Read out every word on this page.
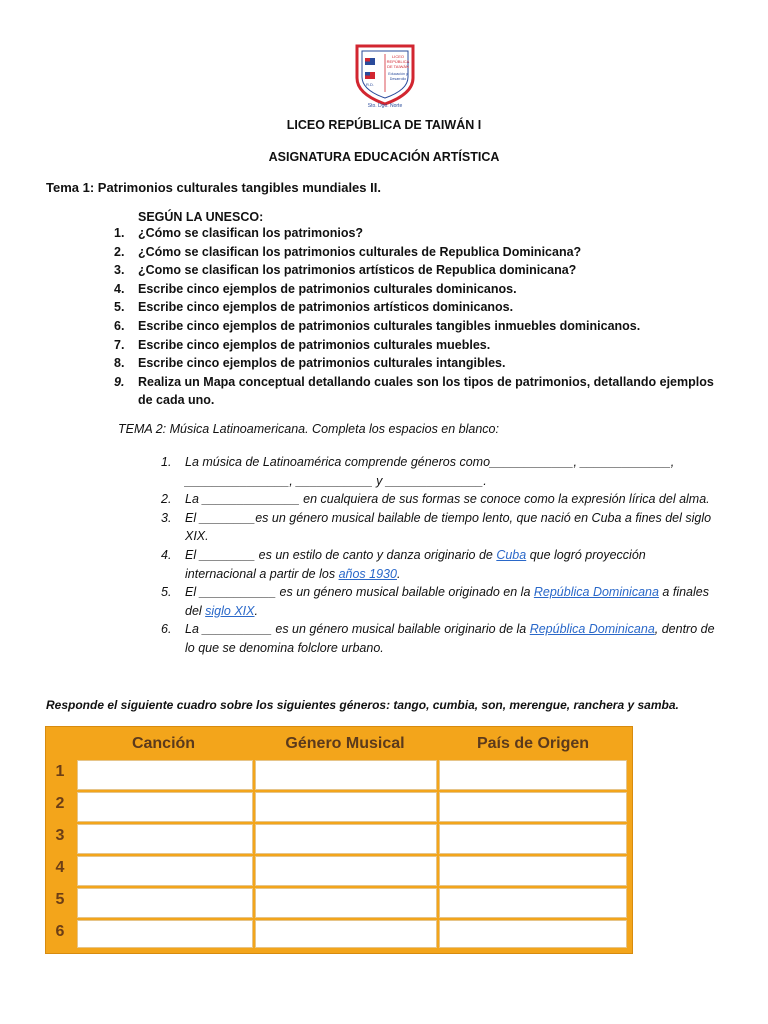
LICEO
REPÚBLICA
DE TAIWÁN
Educación y
Desarrollo
R.D.
Sto. Dgo. Norte
LICEO REPÚBLICA DE TAIWÁN I
ASIGNATURA EDUCACIÓN ARTÍSTICA
Tema 1: Patrimonios culturales tangibles mundiales II.
SEGÚN LA UNESCO:
1.	¿Cómo se clasifican los patrimonios?
2.	¿Cómo se clasifican los patrimonios culturales de Republica Dominicana?
3.	¿Como se clasifican los patrimonios artísticos de Republica dominicana?
4.	Escribe cinco ejemplos de patrimonios culturales dominicanos.
5.	Escribe cinco ejemplos de patrimonios artísticos dominicanos.
6.	Escribe cinco ejemplos de patrimonios culturales tangibles inmuebles dominicanos.
7.	Escribe cinco ejemplos de patrimonios culturales muebles.
8.	Escribe cinco ejemplos de patrimonios culturales intangibles.
9.	Realiza un Mapa conceptual detallando cuales son los tipos de patrimonios, detallando ejemplos de cada uno.
TEMA 2: Música Latinoamericana. Completa los espacios en blanco:
1.	La música de Latinoamérica comprende géneros como____________, _____________, _______________, ___________ y ______________.
2.	La ______________ en cualquiera de sus formas se conoce como la expresión lírica del alma.
3.	El ________es un género musical bailable de tiempo lento, que nació en Cuba a fines del siglo XIX.
4.	El ________ es un estilo de canto y danza originario de Cuba que logró proyección internacional a partir de los años 1930.
5.	El ___________ es un género musical bailable originado en la República Dominicana a finales del siglo XIX.
6.	La __________ es un género musical bailable originario de la República Dominicana, dentro de lo que se denomina folclore urbano.
Responde el siguiente cuadro sobre los siguientes géneros: tango, cumbia, son, merengue, ranchera y samba.
Canción	Género Musical	País de Origen
1
2
3
4
5
6
